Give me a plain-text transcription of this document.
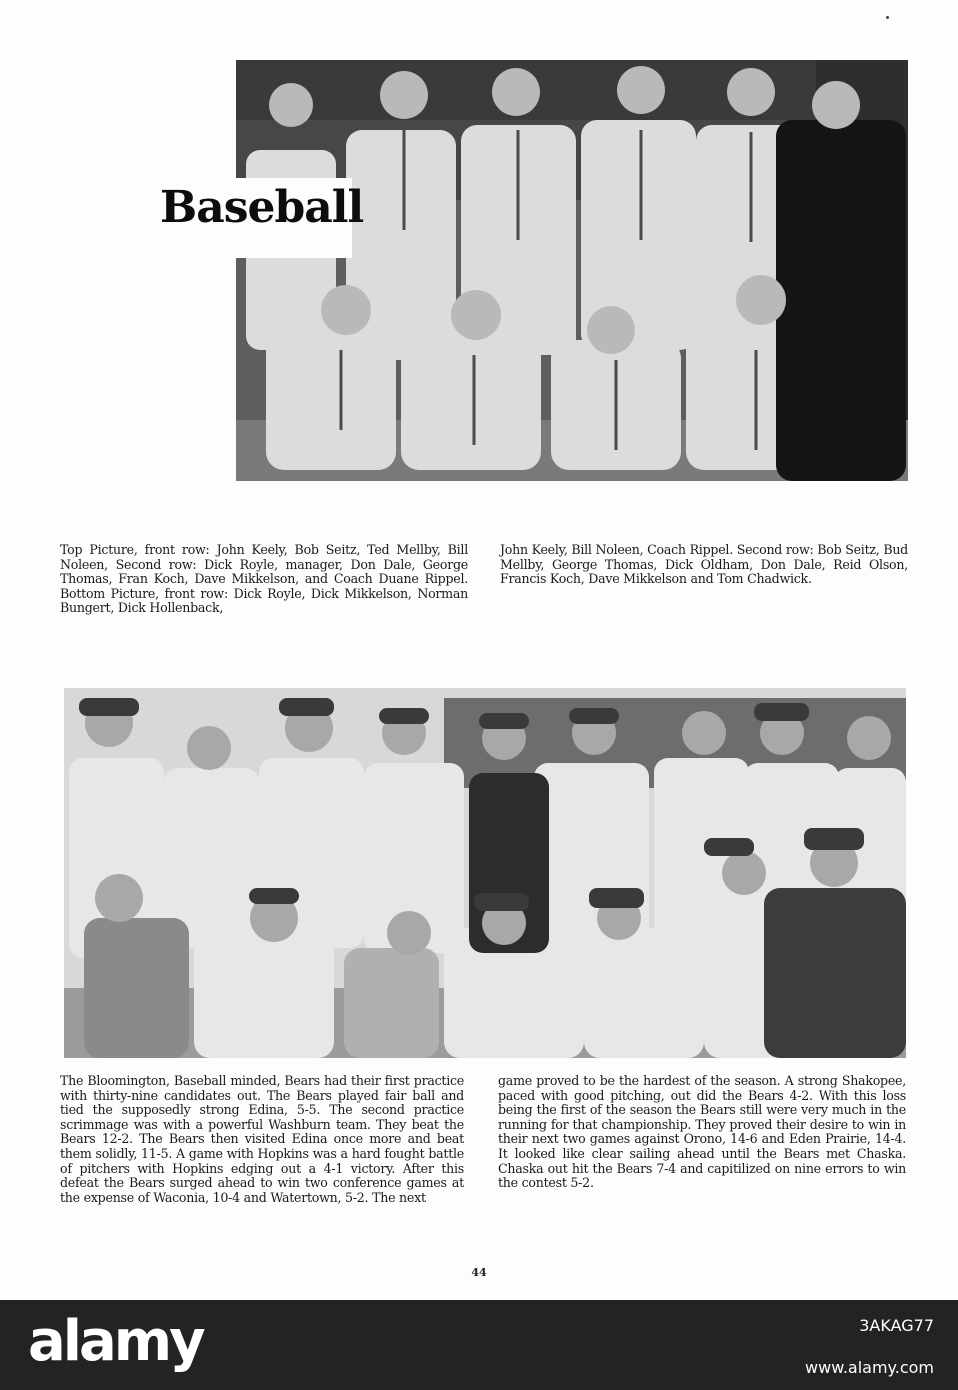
Baseball

Top Picture, front row: John Keely, Bob Seitz, Ted Mellby, Bill Noleen, Second row: Dick Royle, manager, Don Dale, George Thomas, Fran Koch, Dave Mikkelson, and Coach Duane Rippel. Bottom Picture, front row: Dick Royle, Dick Mikkelson, Norman Bungert, Dick Hollenback,

John Keely, Bill Noleen, Coach Rippel. Second row: Bob Seitz, Bud Mellby, George Thomas, Dick Oldham, Don Dale, Reid Olson, Francis Koch, Dave Mikkelson and Tom Chadwick.

The Bloomington, Baseball minded, Bears had their first practice with thirty-nine candidates out. The Bears played fair ball and tied the supposedly strong Edina, 5-5. The second practice scrimmage was with a powerful Washburn team. They beat the Bears 12-2. The Bears then visited Edina once more and beat them solidly, 11-5. A game with Hopkins was a hard fought battle of pitchers with Hopkins edging out a 4-1 victory. After this defeat the Bears surged ahead to win two conference games at the expense of Waconia, 10-4 and Watertown, 5-2. The next

game proved to be the hardest of the season. A strong Shakopee, paced with good pitching, out did the Bears 4-2. With this loss being the first of the season the Bears still were very much in the running for that championship. They proved their desire to win in their next two games against Orono, 14-6 and Eden Prairie, 14-4. It looked like clear sailing ahead until the Bears met Chaska. Chaska out hit the Bears 7-4 and capitilized on nine errors to win the contest 5-2.

44

alamy	3AKAG77
www.alamy.com
